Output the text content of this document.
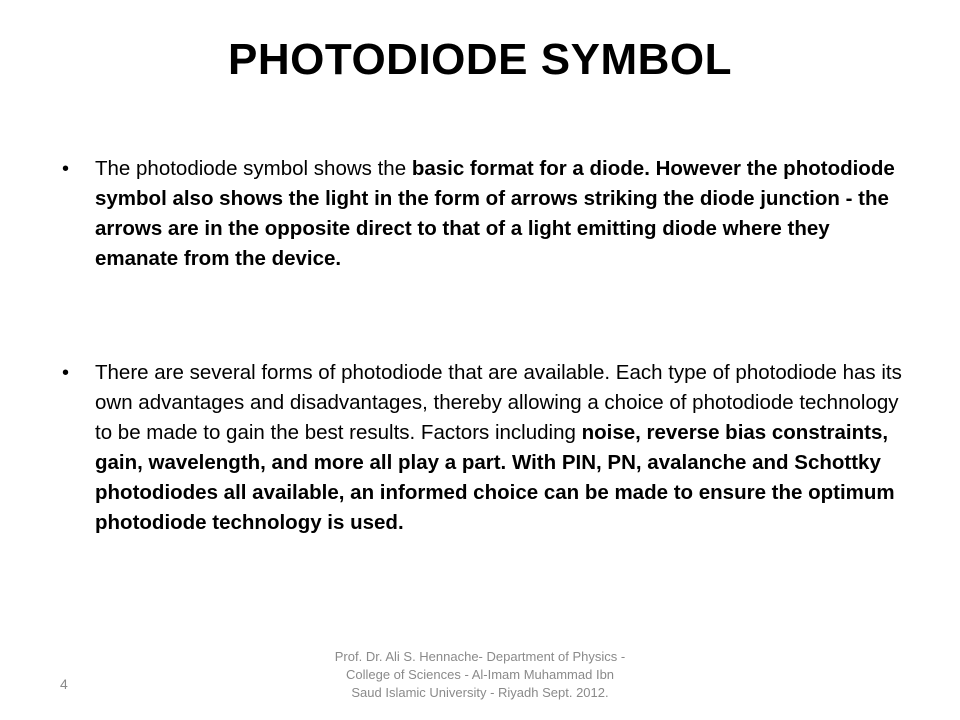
PHOTODIODE SYMBOL
•	The photodiode symbol shows the basic format for a diode. However the photodiode symbol also shows the light in the form of arrows striking the diode junction - the arrows are in the opposite direct to that of a light emitting diode where they emanate from the device.
•	There are several forms of photodiode that are available. Each type of photodiode has its own advantages and disadvantages, thereby allowing a choice of photodiode technology to be made to gain the best results. Factors including noise, reverse bias constraints, gain, wavelength, and more all play a part. With PIN, PN, avalanche and Schottky photodiodes all available, an informed choice can be made to ensure the optimum photodiode technology is used.
4
Prof. Dr. Ali S. Hennache- Department of Physics - College of Sciences - Al-Imam Muhammad Ibn Saud Islamic University - Riyadh Sept. 2012.
